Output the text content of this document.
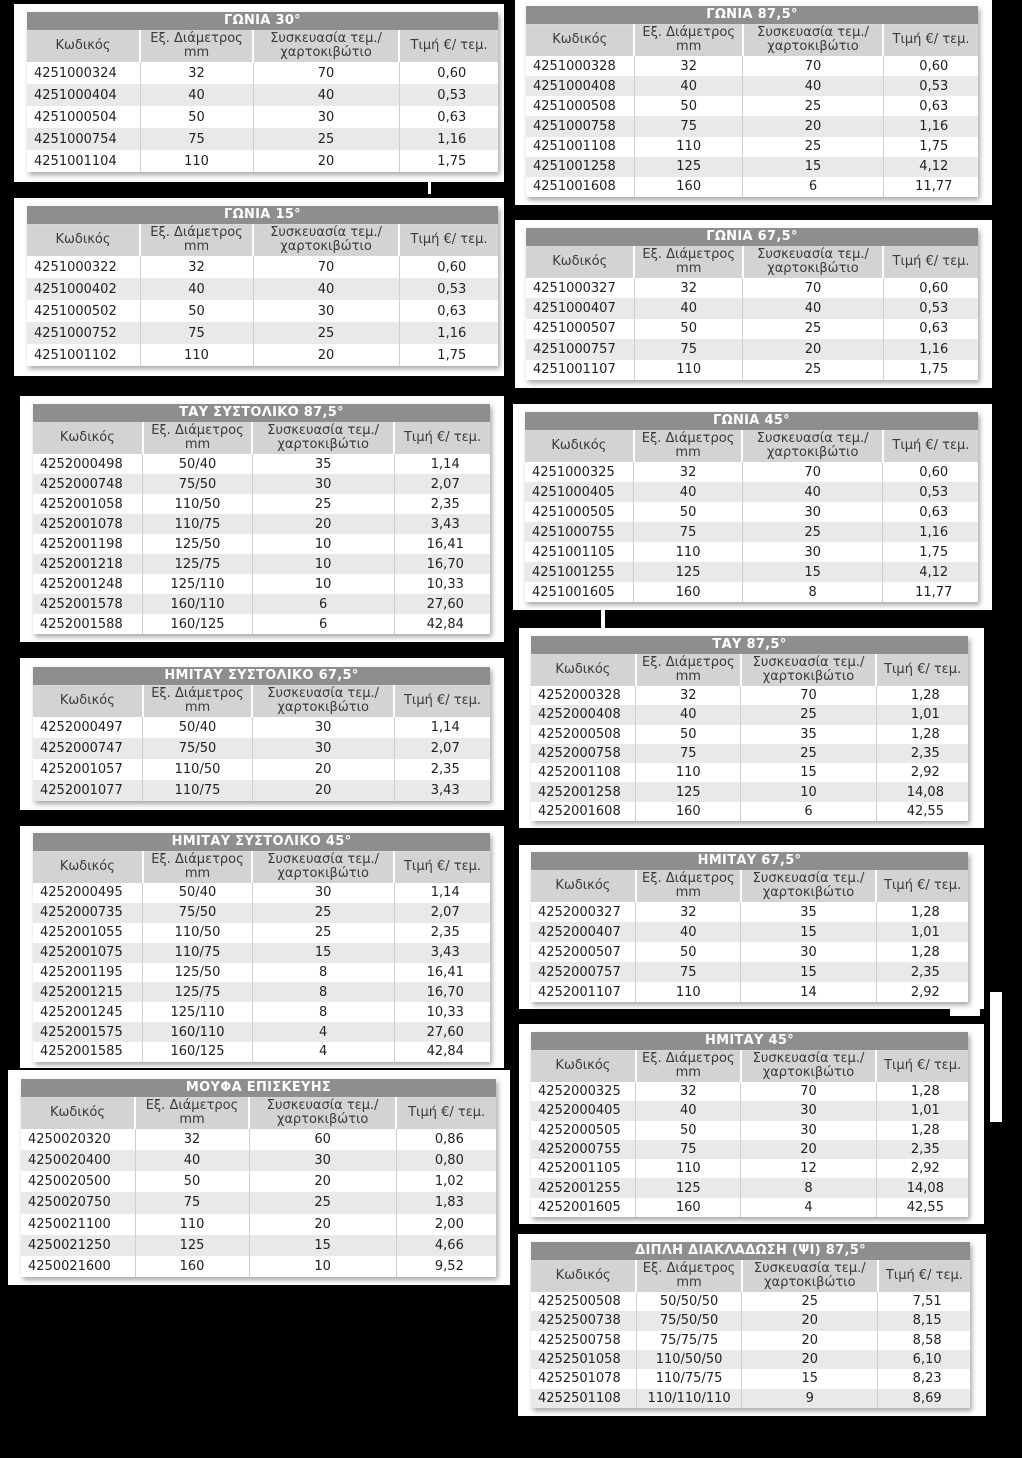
ΓΩΝΙΑ 30°			
Κωδικός	Εξ. Διάμετρος mm	Συσκευασία τεμ./ χαρτοκιβώτιο	Τιμή €/ τεμ.
4251000324	32	70	0,60
4251000404	40	40	0,53
4251000504	50	30	0,63
4251000754	75	25	1,16
4251001104	110	20	1,75
ΓΩΝΙΑ 87,5°			
Κωδικός	Εξ. Διάμετρος mm	Συσκευασία τεμ./ χαρτοκιβώτιο	Τιμή €/ τεμ.
4251000328	32	70	0,60
4251000408	40	40	0,53
4251000508	50	25	0,63
4251000758	75	20	1,16
4251001108	110	25	1,75
4251001258	125	15	4,12
4251001608	160	6	11,77
ΓΩΝΙΑ 15°			
Κωδικός	Εξ. Διάμετρος mm	Συσκευασία τεμ./ χαρτοκιβώτιο	Τιμή €/ τεμ.
4251000322	32	70	0,60
4251000402	40	40	0,53
4251000502	50	30	0,63
4251000752	75	25	1,16
4251001102	110	20	1,75
ΓΩΝΙΑ 67,5°			
Κωδικός	Εξ. Διάμετρος mm	Συσκευασία τεμ./ χαρτοκιβώτιο	Τιμή €/ τεμ.
4251000327	32	70	0,60
4251000407	40	40	0,53
4251000507	50	25	0,63
4251000757	75	20	1,16
4251001107	110	25	1,75
ΤΑΥ ΣΥΣΤΟΛΙΚΟ 87,5°			
Κωδικός	Εξ. Διάμετρος mm	Συσκευασία τεμ./ χαρτοκιβώτιο	Τιμή €/ τεμ.
4252000498	50/40	35	1,14
4252000748	75/50	30	2,07
4252001058	110/50	25	2,35
4252001078	110/75	20	3,43
4252001198	125/50	10	16,41
4252001218	125/75	10	16,70
4252001248	125/110	10	10,33
4252001578	160/110	6	27,60
4252001588	160/125	6	42,84
ΓΩΝΙΑ 45°			
Κωδικός	Εξ. Διάμετρος mm	Συσκευασία τεμ./ χαρτοκιβώτιο	Τιμή €/ τεμ.
4251000325	32	70	0,60
4251000405	40	40	0,53
4251000505	50	30	0,63
4251000755	75	25	1,16
4251001105	110	30	1,75
4251001255	125	15	4,12
4251001605	160	8	11,77
ΗΜΙΤΑΥ ΣΥΣΤΟΛΙΚΟ 67,5°			
Κωδικός	Εξ. Διάμετρος mm	Συσκευασία τεμ./ χαρτοκιβώτιο	Τιμή €/ τεμ.
4252000497	50/40	30	1,14
4252000747	75/50	30	2,07
4252001057	110/50	20	2,35
4252001077	110/75	20	3,43
ΤΑΥ 87,5°			
Κωδικός	Εξ. Διάμετρος mm	Συσκευασία τεμ./ χαρτοκιβώτιο	Τιμή €/ τεμ.
4252000328	32	70	1,28
4252000408	40	25	1,01
4252000508	50	35	1,28
4252000758	75	25	2,35
4252001108	110	15	2,92
4252001258	125	10	14,08
4252001608	160	6	42,55
ΗΜΙΤΑΥ ΣΥΣΤΟΛΙΚΟ 45°			
Κωδικός	Εξ. Διάμετρος mm	Συσκευασία τεμ./ χαρτοκιβώτιο	Τιμή €/ τεμ.
4252000495	50/40	30	1,14
4252000735	75/50	25	2,07
4252001055	110/50	25	2,35
4252001075	110/75	15	3,43
4252001195	125/50	8	16,41
4252001215	125/75	8	16,70
4252001245	125/110	8	10,33
4252001575	160/110	4	27,60
4252001585	160/125	4	42,84
ΗΜΙΤΑΥ 67,5°			
Κωδικός	Εξ. Διάμετρος mm	Συσκευασία τεμ./ χαρτοκιβώτιο	Τιμή €/ τεμ.
4252000327	32	35	1,28
4252000407	40	15	1,01
4252000507	50	30	1,28
4252000757	75	15	2,35
4252001107	110	14	2,92
ΜΟΥΦΑ ΕΠΙΣΚΕΥΗΣ			
Κωδικός	Εξ. Διάμετρος mm	Συσκευασία τεμ./ χαρτοκιβώτιο	Τιμή €/ τεμ.
4250020320	32	60	0,86
4250020400	40	30	0,80
4250020500	50	20	1,02
4250020750	75	25	1,83
4250021100	110	20	2,00
4250021250	125	15	4,66
4250021600	160	10	9,52
ΗΜΙΤΑΥ 45°			
Κωδικός	Εξ. Διάμετρος mm	Συσκευασία τεμ./ χαρτοκιβώτιο	Τιμή €/ τεμ.
4252000325	32	70	1,28
4252000405	40	30	1,01
4252000505	50	30	1,28
4252000755	75	20	2,35
4252001105	110	12	2,92
4252001255	125	8	14,08
4252001605	160	4	42,55
ΔΙΠΛΗ ΔΙΑΚΛΑΔΩΣΗ (ΨΙ) 87,5°			
Κωδικός	Εξ. Διάμετρος mm	Συσκευασία τεμ./ χαρτοκιβώτιο	Τιμή €/ τεμ.
4252500508	50/50/50	25	7,51
4252500738	75/50/50	20	8,15
4252500758	75/75/75	20	8,58
4252501058	110/50/50	20	6,10
4252501078	110/75/75	15	8,23
4252501108	110/110/110	9	8,69
